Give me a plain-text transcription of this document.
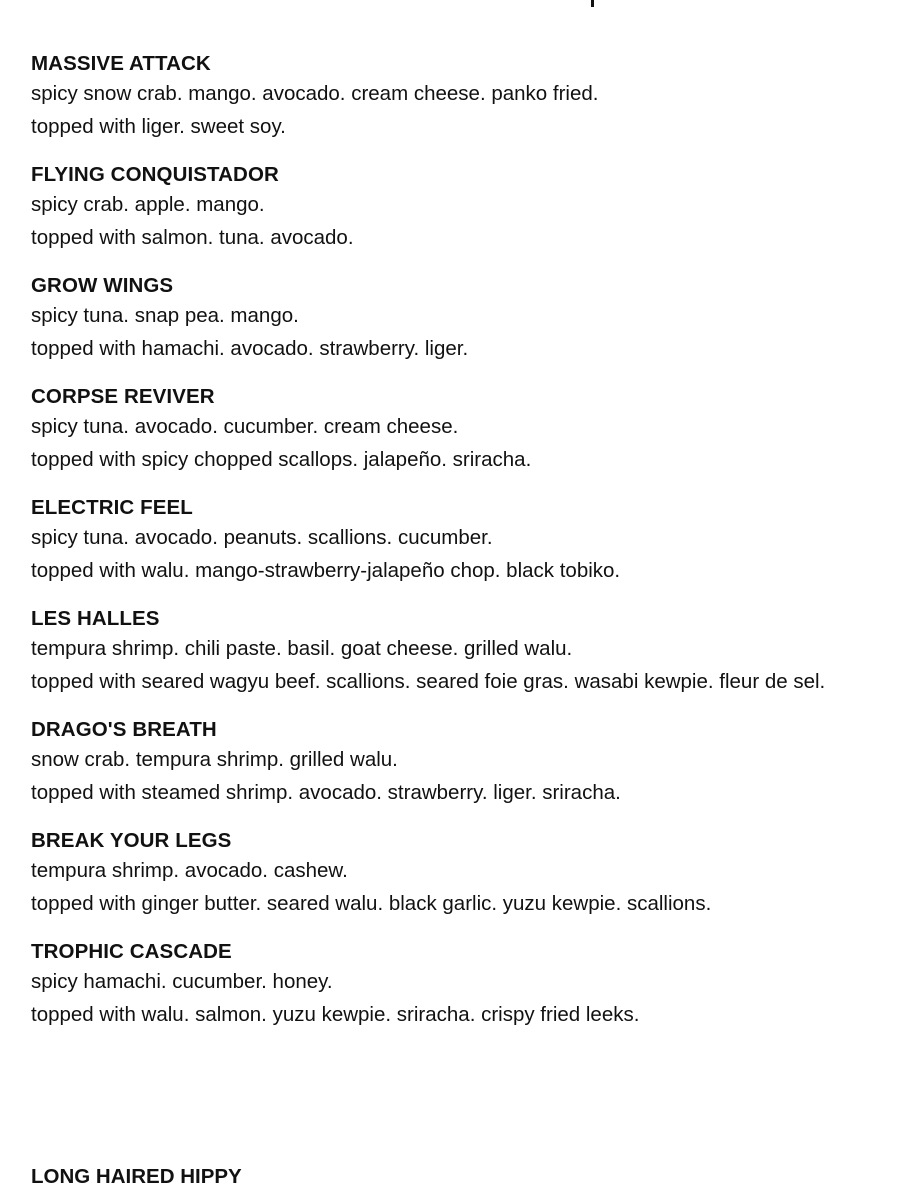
MASSIVE ATTACK
spicy snow crab. mango. avocado. cream cheese. panko fried.
topped with liger. sweet soy.
FLYING CONQUISTADOR
spicy crab. apple. mango.
topped with salmon. tuna. avocado.
GROW WINGS
spicy tuna. snap pea. mango.
topped with hamachi. avocado. strawberry. liger.
CORPSE REVIVER
spicy tuna. avocado. cucumber. cream cheese.
topped with spicy chopped scallops. jalapeño. sriracha.
ELECTRIC FEEL
spicy tuna. avocado. peanuts. scallions. cucumber.
topped with walu. mango-strawberry-jalapeño chop. black tobiko.
LES HALLES
tempura shrimp. chili paste. basil. goat cheese. grilled walu.
topped with seared wagyu beef. scallions. seared foie gras. wasabi kewpie. fleur de sel.
DRAGO'S BREATH
snow crab. tempura shrimp. grilled walu.
topped with steamed shrimp. avocado. strawberry. liger. sriracha.
BREAK YOUR LEGS
tempura shrimp. avocado. cashew.
topped with ginger butter. seared walu. black garlic. yuzu kewpie. scallions.
TROPHIC CASCADE
spicy hamachi. cucumber. honey.
topped with walu. salmon. yuzu kewpie. sriracha. crispy fried leeks.
LONG HAIRED HIPPY
